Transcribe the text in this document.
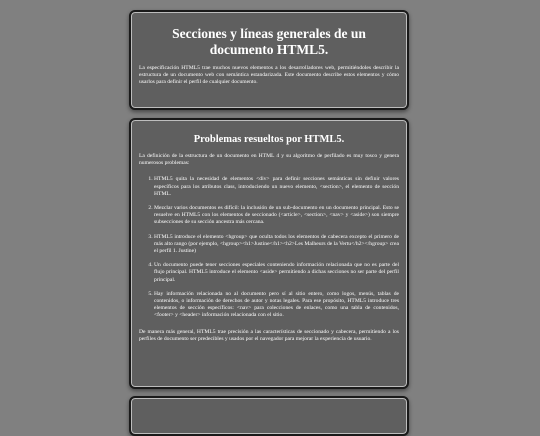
Secciones y líneas generales de un documento HTML5.

La especificación HTML5 trae muchos nuevos elementos a los desarrolladores web, permitiéndoles describir la estructura de un documento web con semántica estandarizada. Este documento describe estos elementos y cómo usarlos para definir el perfil de cualquier documento.

Problemas resueltos por HTML5.

La definición de la estructura de un documento en HTML 4 y su algoritmo de perfilado es muy tosco y genera numerosos problemas:

1. HTML5 quita la necesidad de elementos <div> para definir secciones semánticas sin definir valores específicos para los atributos class, introduciendo un nuevo elemento, <section>, el elemento de sección HTML.
2. Mezclar varios documentos es difícil: la inclusión de un sub-documento en un documento principal. Esto se resuelve en HTML5 con los elementos de seccionado (<article>, <section>, <nav> y <aside>) son siempre subsecciones de su sección ancestra más cercana.
3. HTML5 introduce el elemento <hgroup> que oculta todos los elementos de cabecera excepto el primero de más alto rango (por ejemplo, <hgroup><h1>Justine</h1><h2>Les Malheurs de la Vertu</h2></hgroup> crea el perfil 1. Justine)
4. Un documento puede tener secciones especiales conteniendo información relacionada que no es parte del flujo principal. HTML5 introduce el elemento <aside> permitiendo a dichas secciones no ser parte del perfil principal.
5. Hay información relacionada no al documento pero sí al sitio entero, como logos, menús, tablas de contenidos, o información de derechos de autor y notas legales. Para ese propósito, HTML5 introduce tres elementos de sección específicos: <nav> para colecciones de enlaces, como una tabla de contenidos, <footer> y <header> información relacionada con el sitio.

De manera más general, HTML5 trae precisión a las características de seccionado y cabecera, permitiendo a los perfiles de documento ser predecibles y usados por el navegador para mejorar la experiencia de usuario.
